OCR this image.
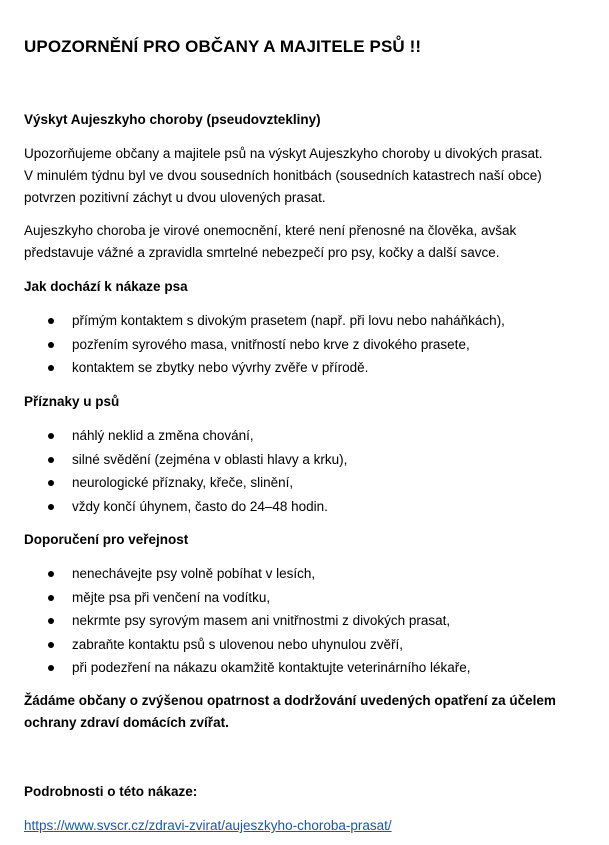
UPOZORNĚNÍ PRO OBČANY A MAJITELE PSŮ !!

Výskyt Aujeszkyho choroby (pseudovztekliny)

Upozorňujeme občany a majitele psů na výskyt Aujeszkyho choroby u divokých prasat.

V minulém týdnu byl ve dvou sousedních honitbách (sousedních katastrech naší obce)

potvrzen pozitivní záchyt u dvou ulovených prasat.

Aujeszkyho choroba je virové onemocnění, které není přenosné na člověka, avšak

představuje vážné a zpravidla smrtelné nebezpečí pro psy, kočky a další savce.

Jak dochází k nákaze psa

přímým kontaktem s divokým prasetem (např. při lovu nebo naháňkách),
pozřením syrového masa, vnitřností nebo krve z divokého prasete,
kontaktem se zbytky nebo vývrhy zvěře v přírodě.

Příznaky u psů

náhlý neklid a změna chování,
silné svědění (zejména v oblasti hlavy a krku),
neurologické příznaky, křeče, slinění,
vždy končí úhynem, často do 24–48 hodin.

Doporučení pro veřejnost

nenechávejte psy volně pobíhat v lesích,
mějte psa při venčení na vodítku,
nekrmte psy syrovým masem ani vnitřnostmi z divokých prasat,
zabraňte kontaktu psů s ulovenou nebo uhynulou zvěří,
při podezření na nákazu okamžitě kontaktujte veterinárního lékaře,

Žádáme občany o zvýšenou opatrnost a dodržování uvedených opatření za účelem

ochrany zdraví domácích zvířat.

Podrobnosti o této nákaze:

https://www.svscr.cz/zdravi-zvirat/aujeszkyho-choroba-prasat/
